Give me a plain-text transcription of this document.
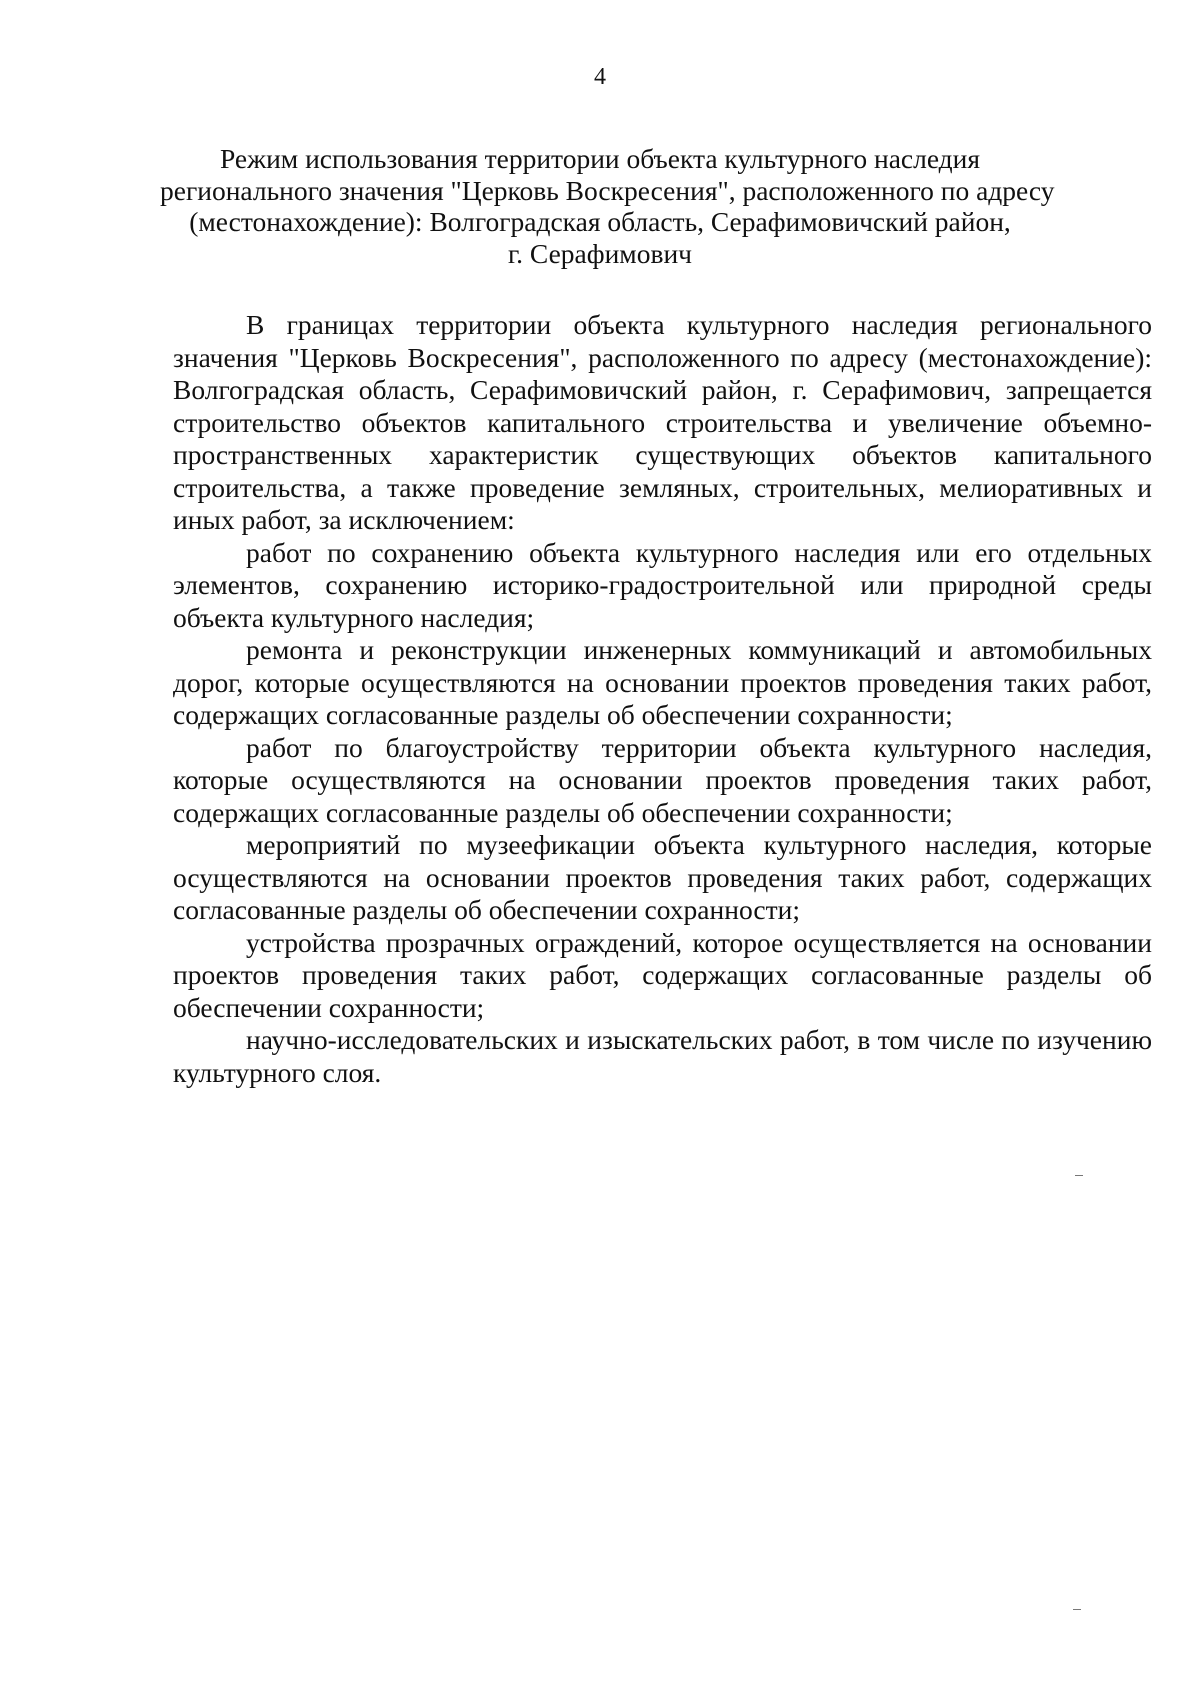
4
Режим использования территории объекта культурного наследия
регионального значения "Церковь Воскресения", расположенного по адресу
(местонахождение): Волгоградская область, Серафимовичский район,
г. Серафимович

В границах территории объекта культурного наследия регионального значения "Церковь Воскресения", расположенного по адресу (местонахождение): Волгоградская область, Серафимовичский район, г. Серафимович, запрещается строительство объектов капитального строительства и увеличение объемно-пространственных характеристик существующих объектов капитального строительства, а также проведение земляных, строительных, мелиоративных и иных работ, за исключением:

работ по сохранению объекта культурного наследия или его отдельных элементов, сохранению историко-градостроительной или природной среды объекта культурного наследия;

ремонта и реконструкции инженерных коммуникаций и автомобильных дорог, которые осуществляются на основании проектов проведения таких работ, содержащих согласованные разделы об обеспечении сохранности;

работ по благоустройству территории объекта культурного наследия, которые осуществляются на основании проектов проведения таких работ, содержащих согласованные разделы об обеспечении сохранности;

мероприятий по музеефикации объекта культурного наследия, которые осуществляются на основании проектов проведения таких работ, содержащих согласованные разделы об обеспечении сохранности;

устройства прозрачных ограждений, которое осуществляется на основании проектов проведения таких работ, содержащих согласованные разделы об обеспечении сохранности;

научно-исследовательских и изыскательских работ, в том числе по изучению культурного слоя.
